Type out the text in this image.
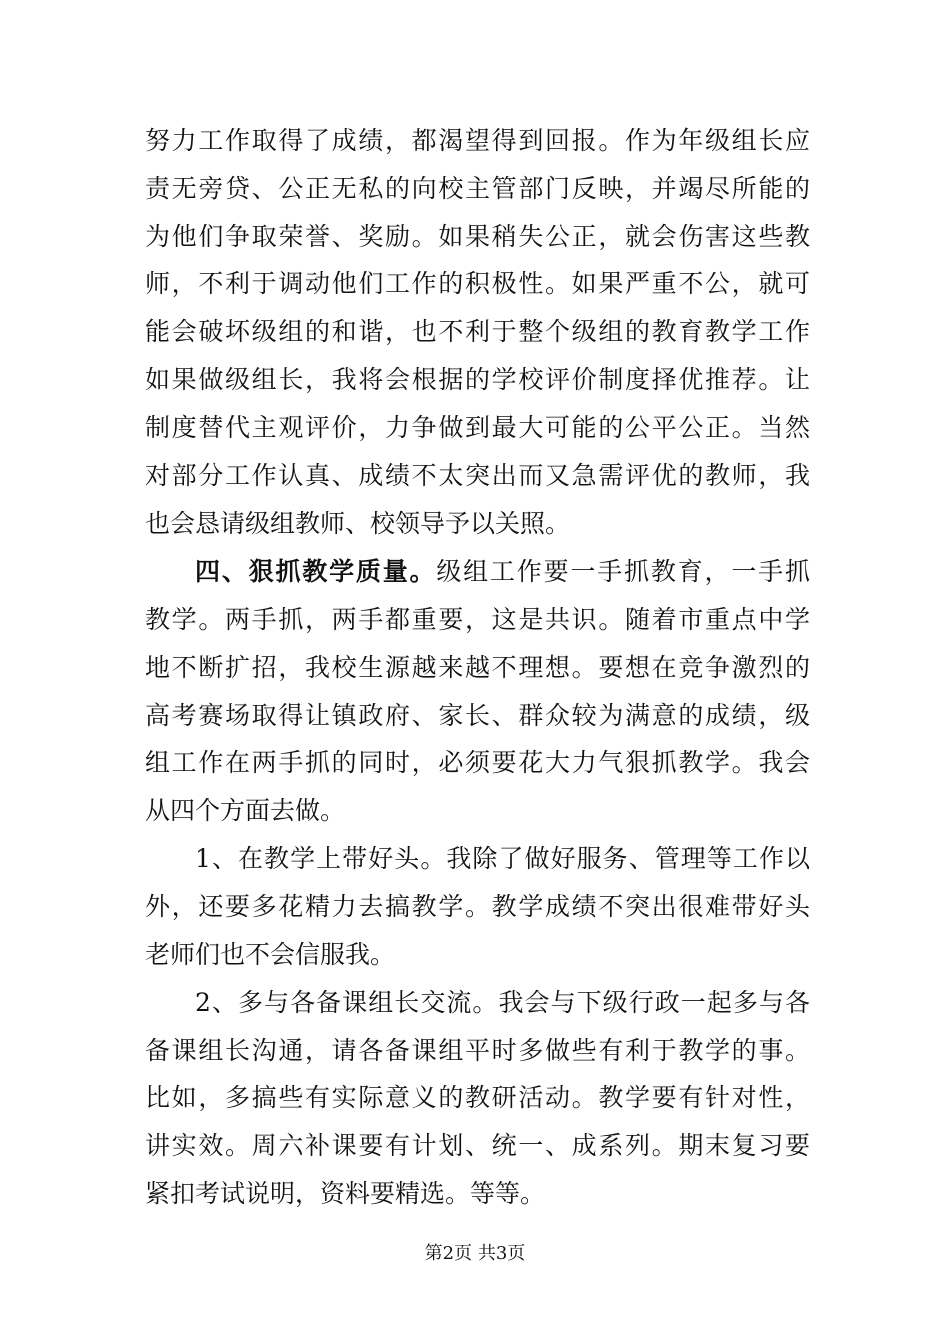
努力工作取得了成绩，都渴望得到回报。作为年级组长应
责无旁贷、公正无私的向校主管部门反映，并竭尽所能的
为他们争取荣誉、奖励。如果稍失公正，就会伤害这些教
师，不利于调动他们工作的积极性。如果严重不公，就可
能会破坏级组的和谐，也不利于整个级组的教育教学工作
如果做级组长，我将会根据的学校评价制度择优推荐。让
制度替代主观评价，力争做到最大可能的公平公正。当然
对部分工作认真、成绩不太突出而又急需评优的教师，我
也会恳请级组教师、校领导予以关照。
四、狠抓教学质量。级组工作要一手抓教育，一手抓
教学。两手抓，两手都重要，这是共识。随着市重点中学
地不断扩招，我校生源越来越不理想。要想在竞争激烈的
高考赛场取得让镇政府、家长、群众较为满意的成绩，级
组工作在两手抓的同时，必须要花大力气狠抓教学。我会
从四个方面去做。
1、在教学上带好头。我除了做好服务、管理等工作以
外，还要多花精力去搞教学。教学成绩不突出很难带好头
老师们也不会信服我。
2、多与各备课组长交流。我会与下级行政一起多与各
备课组长沟通，请各备课组平时多做些有利于教学的事。
比如，多搞些有实际意义的教研活动。教学要有针对性，
讲实效。周六补课要有计划、统一、成系列。期末复习要
紧扣考试说明，资料要精选。等等。
第2页 共3页
